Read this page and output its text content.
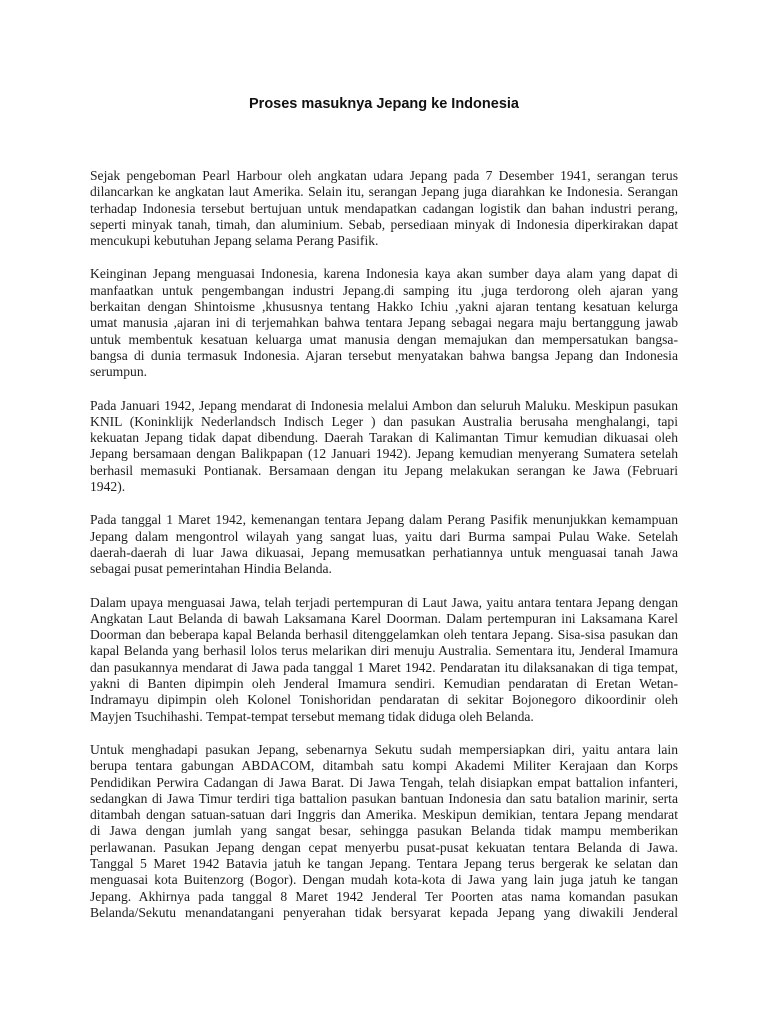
Proses masuknya Jepang ke Indonesia
Sejak pengeboman Pearl Harbour oleh angkatan udara Jepang pada 7 Desember 1941, serangan terus
dilancarkan ke angkatan laut Amerika. Selain itu, serangan Jepang juga diarahkan ke Indonesia. Serangan
terhadap Indonesia tersebut bertujuan untuk mendapatkan cadangan logistik dan bahan industri perang,
seperti minyak tanah, timah, dan aluminium. Sebab, persediaan minyak di Indonesia diperkirakan dapat
mencukupi kebutuhan Jepang selama Perang Pasifik.
Keinginan Jepang menguasai Indonesia, karena Indonesia kaya akan sumber daya alam yang dapat di
manfaatkan untuk pengembangan industri Jepang.di samping itu ,juga terdorong oleh ajaran yang
berkaitan dengan Shintoisme ,khususnya tentang Hakko Ichiu ,yakni ajaran tentang kesatuan kelurga
umat manusia ,ajaran ini di terjemahkan bahwa tentara Jepang sebagai negara maju bertanggung jawab
untuk membentuk kesatuan keluarga umat manusia dengan memajukan dan mempersatukan bangsa-
bangsa di dunia termasuk Indonesia. Ajaran tersebut menyatakan bahwa bangsa Jepang dan Indonesia
serumpun.
Pada Januari 1942, Jepang mendarat di Indonesia melalui Ambon dan seluruh Maluku. Meskipun pasukan
KNIL (Koninklijk Nederlandsch Indisch Leger ) dan pasukan Australia berusaha menghalangi, tapi
kekuatan Jepang tidak dapat dibendung. Daerah Tarakan di Kalimantan Timur kemudian dikuasai oleh
Jepang bersamaan dengan Balikpapan (12 Januari 1942). Jepang kemudian menyerang Sumatera setelah
berhasil memasuki Pontianak. Bersamaan dengan itu Jepang melakukan serangan ke Jawa (Februari
1942).
Pada tanggal 1 Maret 1942, kemenangan tentara Jepang dalam Perang Pasifik menunjukkan kemampuan
Jepang dalam mengontrol wilayah yang sangat luas, yaitu dari Burma sampai Pulau Wake. Setelah
daerah-daerah di luar Jawa dikuasai, Jepang memusatkan perhatiannya untuk menguasai tanah Jawa
sebagai pusat pemerintahan Hindia Belanda.
Dalam upaya menguasai Jawa, telah terjadi pertempuran di Laut Jawa, yaitu antara tentara Jepang dengan
Angkatan Laut Belanda di bawah Laksamana Karel Doorman. Dalam pertempuran ini Laksamana Karel
Doorman dan beberapa kapal Belanda berhasil ditenggelamkan oleh tentara Jepang. Sisa-sisa pasukan dan
kapal Belanda yang berhasil lolos terus melarikan diri menuju Australia. Sementara itu, Jenderal Imamura
dan pasukannya mendarat di Jawa pada tanggal 1 Maret 1942. Pendaratan itu dilaksanakan di tiga tempat,
yakni di Banten dipimpin oleh Jenderal Imamura sendiri. Kemudian pendaratan di Eretan Wetan-
Indramayu dipimpin oleh Kolonel Tonishoridan pendaratan di sekitar Bojonegoro dikoordinir oleh
Mayjen Tsuchihashi. Tempat-tempat tersebut memang tidak diduga oleh Belanda.
Untuk menghadapi pasukan Jepang, sebenarnya Sekutu sudah mempersiapkan diri, yaitu antara lain
berupa tentara gabungan ABDACOM, ditambah satu kompi Akademi Militer Kerajaan dan Korps
Pendidikan Perwira Cadangan di Jawa Barat. Di Jawa Tengah, telah disiapkan empat battalion infanteri,
sedangkan di Jawa Timur terdiri tiga battalion pasukan bantuan Indonesia dan satu batalion marinir, serta
ditambah dengan satuan-satuan dari Inggris dan Amerika. Meskipun demikian, tentara Jepang mendarat
di Jawa dengan jumlah yang sangat besar, sehingga pasukan Belanda tidak mampu memberikan
perlawanan. Pasukan Jepang dengan cepat menyerbu pusat-pusat kekuatan tentara Belanda di Jawa.
Tanggal 5 Maret 1942 Batavia jatuh ke tangan Jepang. Tentara Jepang terus bergerak ke selatan dan
menguasai kota Buitenzorg (Bogor). Dengan mudah kota-kota di Jawa yang lain juga jatuh ke tangan
Jepang. Akhirnya pada tanggal 8 Maret 1942 Jenderal Ter Poorten atas nama komandan pasukan
Belanda/Sekutu menandatangani penyerahan tidak bersyarat kepada Jepang yang diwakili Jenderal
